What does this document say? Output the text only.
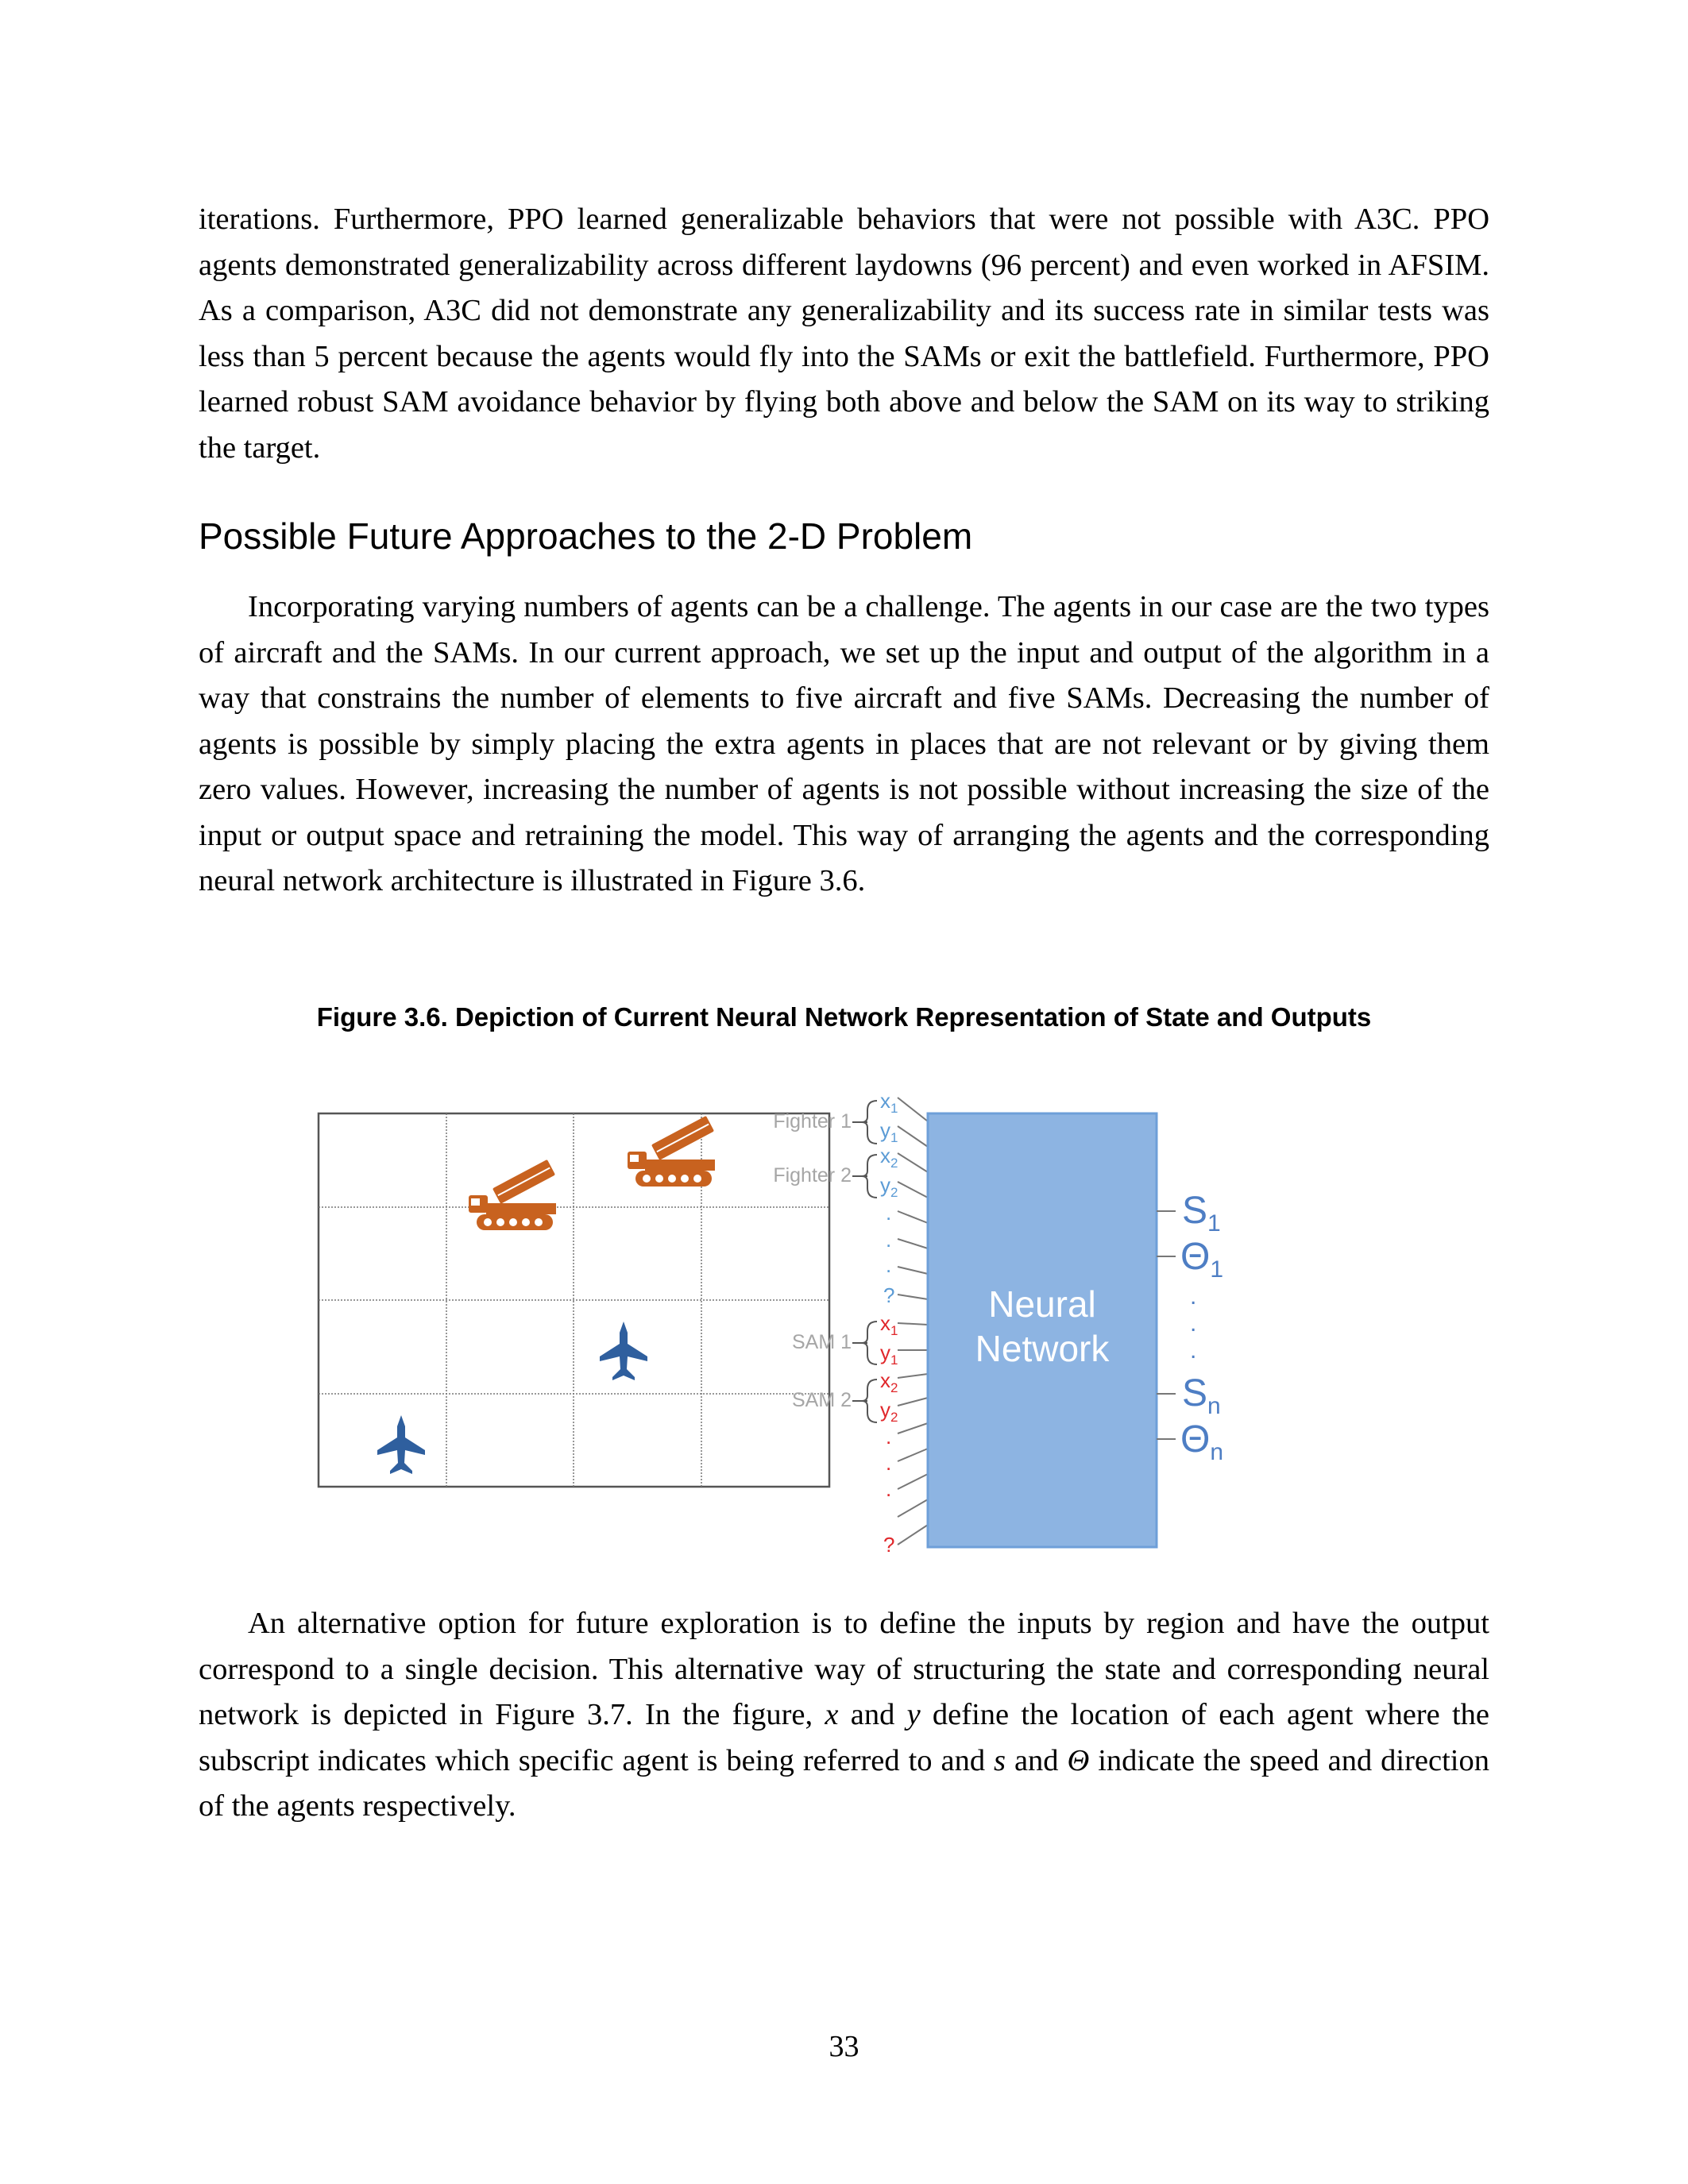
iterations. Furthermore, PPO learned generalizable behaviors that were not possible with A3C. PPO agents demonstrated generalizability across different laydowns (96 percent) and even worked in AFSIM. As a comparison, A3C did not demonstrate any generalizability and its success rate in similar tests was less than 5 percent because the agents would fly into the SAMs or exit the battlefield. Furthermore, PPO learned robust SAM avoidance behavior by flying both above and below the SAM on its way to striking the target.

Possible Future Approaches to the 2-D Problem

Incorporating varying numbers of agents can be a challenge. The agents in our case are the two types of aircraft and the SAMs. In our current approach, we set up the input and output of the algorithm in a way that constrains the number of elements to five aircraft and five SAMs. Decreasing the number of agents is possible by simply placing the extra agents in places that are not relevant or by giving them zero values. However, increasing the number of agents is not possible without increasing the size of the input or output space and retraining the model. This way of arranging the agents and the corresponding neural network architecture is illustrated in Figure 3.6.

Figure 3.6. Depiction of Current Neural Network Representation of State and Outputs

Fighter 1
Fighter 2
SAM 1
SAM 2
$x_1$
$y_1$
$x_2$
$y_2$
.
.
.
?
$x_1$
$y_1$
$x_2$
$y_2$
.
.
.
?
Neural
Network
$S_1$
$\Theta_1$
.
.
.
$S_n$
$\Theta_n$

An alternative option for future exploration is to define the inputs by region and have the output correspond to a single decision. This alternative way of structuring the state and corresponding neural network is depicted in Figure 3.7. In the figure, x and y define the location of each agent where the subscript indicates which specific agent is being referred to and s and Θ indicate the speed and direction of the agents respectively.

33
